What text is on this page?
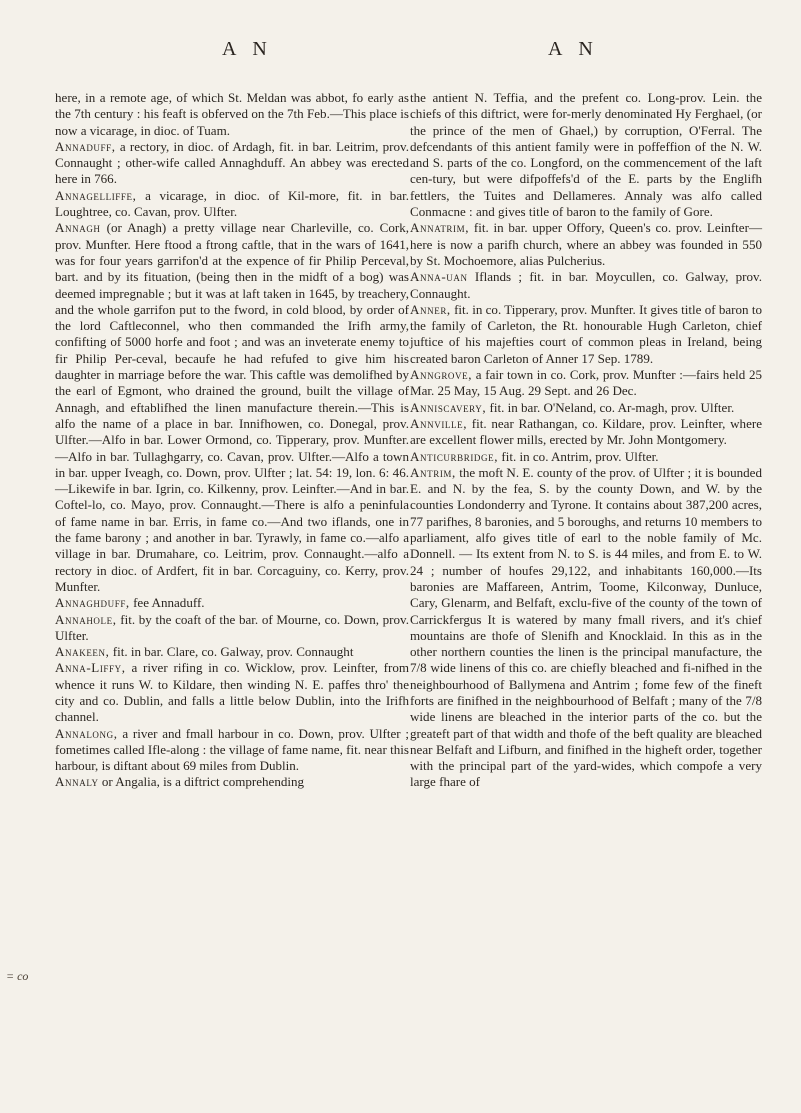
A N	A N
= co

here, in a remote age, of which St. Meldan was abbot, fo early as the 7th century : his feaft is obferved on the 7th Feb.—This place is now a vicarage, in dioc. of Tuam.

Annaduff, a rectory, in dioc. of Ardagh, fit. in bar. Leitrim, prov. Connaught ; other-wife called Annaghduff. An abbey was erected here in 766.

Annagelliffe, a vicarage, in dioc. of Kil-more, fit. in bar. Loughtree, co. Cavan, prov. Ulfter.

Annagh (or Anagh) a pretty village near Charleville, co. Cork, prov. Munfter. Here ftood a ftrong caftle, that in the wars of 1641, was for four years garrifon'd at the expence of fir Philip Perceval, bart. and by its fituation, (being then in the midft of a bog) was deemed impregnable ; but it was at laft taken in 1645, by treachery, and the whole garrifon put to the fword, in cold blood, by order of the lord Caftleconnel, who then commanded the Irifh army, confifting of 5000 horfe and foot ; and was an inveterate enemy to fir Philip Per-ceval, becaufe he had refufed to give him his daughter in marriage before the war. This caftle was demolifhed by the earl of Egmont, who drained the ground, built the village of Annagh, and eftablifhed the linen manufacture therein.—This is alfo the name of a place in bar. Innifhowen, co. Donegal, prov. Ulfter.—Alfo in bar. Lower Ormond, co. Tipperary, prov. Munfter.—Alfo in bar. Tullaghgarry, co. Cavan, prov. Ulfter.—Alfo a town in bar. upper Iveagh, co. Down, prov. Ulfter ; lat. 54: 19, lon. 6: 46.—Likewife in bar. Igrin, co. Kilkenny, prov. Leinfter.—And in bar. Coftel-lo, co. Mayo, prov. Connaught.—There is alfo a peninfula of fame name in bar. Erris, in fame co.—And two iflands, one in the fame barony ; and another in bar. Tyrawly, in fame co.—alfo a village in bar. Drumahare, co. Leitrim, prov. Connaught.—alfo a rectory in dioc. of Ardfert, fit in bar. Corcaguiny, co. Kerry, prov. Munfter.

Annaghduff, fee Annaduff.

Annahole, fit. by the coaft of the bar. of Mourne, co. Down, prov. Ulfter.

Anakeen, fit. in bar. Clare, co. Galway, prov. Connaught

Anna-Liffy, a river rifing in co. Wicklow, prov. Leinfter, from whence it runs W. to Kildare, then winding N. E. paffes thro' the city and co. Dublin, and falls a little below Dublin, into the Irifh channel.

Annalong, a river and fmall harbour in co. Down, prov. Ulfter ; fometimes called Ifle-along : the village of fame name, fit. near this harbour, is diftant about 69 miles from Dublin.

Annaly or Angalia, is a diftrict comprehending

the antient N. Teffia, and the prefent co. Long-prov. Lein. the chiefs of this diftrict, were for-merly denominated Hy Ferghael, (or the prince of the men of Ghael,) by corruption, O'Ferral. The defcendants of this antient family were in poffeffion of the N. W. and S. parts of the co. Longford, on the commencement of the laft cen-tury, but were difpoffefs'd of the E. parts by the Englifh fettlers, the Tuites and Dellameres. Annaly was alfo called Conmacne : and gives title of baron to the family of Gore.

Annatrim, fit. in bar. upper Offory, Queen's co. prov. Leinfter—here is now a parifh church, where an abbey was founded in 550 by St. Mochoemore, alias Pulcherius.

Anna-uan Iflands ; fit. in bar. Moycullen, co. Galway, prov. Connaught.

Anner, fit. in co. Tipperary, prov. Munfter. It gives title of baron to the family of Carleton, the Rt. honourable Hugh Carleton, chief juftice of his majefties court of common pleas in Ireland, being created baron Carleton of Anner 17 Sep. 1789.

Anngrove, a fair town in co. Cork, prov. Munfter :—fairs held 25 Mar. 25 May, 15 Aug. 29 Sept. and 26 Dec.

Anniscavery, fit. in bar. O'Neland, co. Ar-magh, prov. Ulfter.

Annville, fit. near Rathangan, co. Kildare, prov. Leinfter, where are excellent flower mills, erected by Mr. John Montgomery.

Anticurbridge, fit. in co. Antrim, prov. Ulfter.

Antrim, the moft N. E. county of the prov. of Ulfter ; it is bounded E. and N. by the fea, S. by the county Down, and W. by the counties Londonderry and Tyrone. It contains about 387,200 acres, 77 parifhes, 8 baronies, and 5 boroughs, and returns 10 members to parliament, alfo gives title of earl to the noble family of Mc. Donnell. — Its extent from N. to S. is 44 miles, and from E. to W. 24 ; number of houfes 29,122, and inhabitants 160,000.—Its baronies are Maffareen, Antrim, Toome, Kilconway, Dunluce, Cary, Glenarm, and Belfaft, exclu-five of the county of the town of Carrickfergus It is watered by many fmall rivers, and it's chief mountains are thofe of Slenifh and Knocklaid. In this as in the other northern counties the linen is the principal manufacture, the 7/8 wide linens of this co. are chiefly bleached and fi-nifhed in the neighbourhood of Ballymena and Antrim ; fome few of the fineft forts are finifhed in the neighbourhood of Belfaft ; many of the 7/8 wide linens are bleached in the interior parts of the co. but the greateft part of that width and thofe of the beft quality are bleached near Belfaft and Lifburn, and finifhed in the higheft order, together with the principal part of the yard-wides, which compofe a very large fhare of
